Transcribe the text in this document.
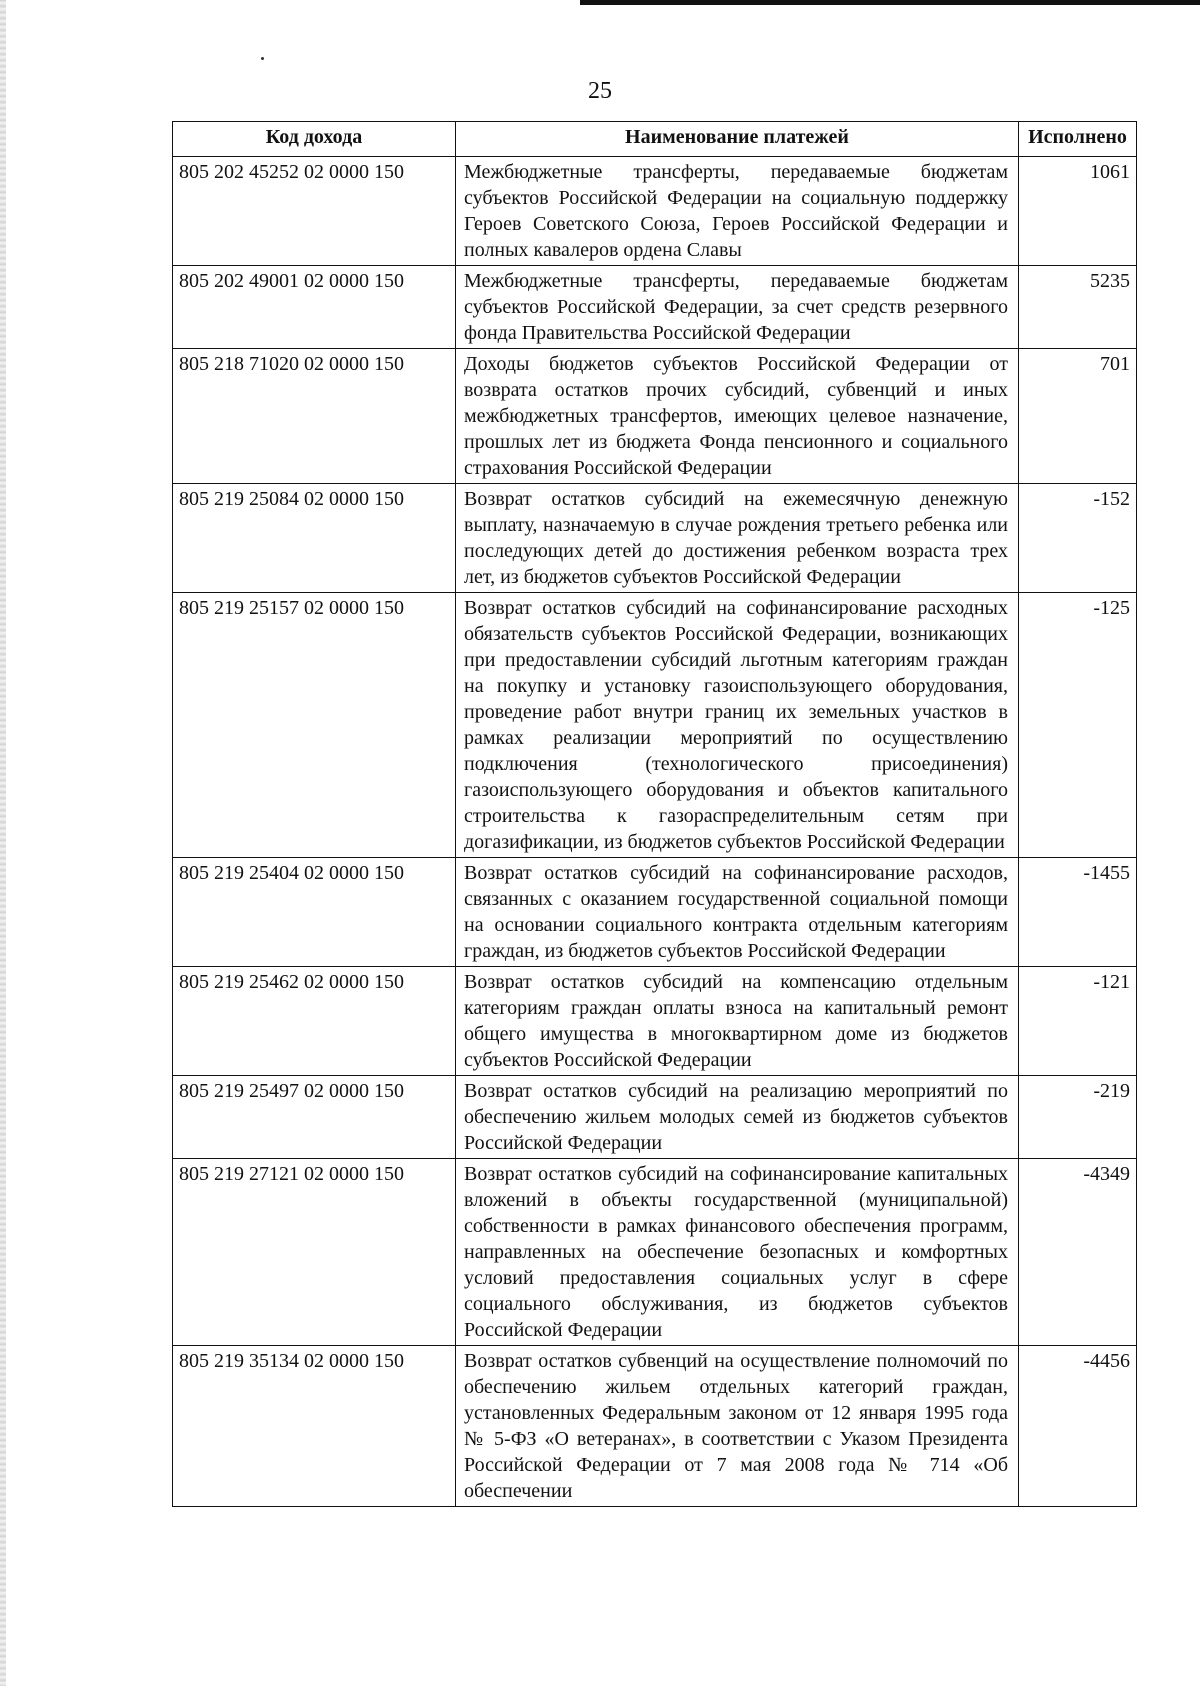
25
Код дохода	Наименование платежей	Исполнено
805 202 45252 02 0000 150	Межбюджетные трансферты, передаваемые бюджетам субъектов Российской Федерации на социальную поддержку Героев Советского Союза, Героев Российской Федерации и полных кавалеров ордена Славы	1061
805 202 49001 02 0000 150	Межбюджетные трансферты, передаваемые бюджетам субъектов Российской Федерации, за счет средств резервного фонда Правительства Российской Федерации	5235
805 218 71020 02 0000 150	Доходы бюджетов субъектов Российской Федерации от возврата остатков прочих субсидий, субвенций и иных межбюджетных трансфертов, имеющих целевое назначение, прошлых лет из бюджета Фонда пенсионного и социального страхования Российской Федерации	701
805 219 25084 02 0000 150	Возврат остатков субсидий на ежемесячную денежную выплату, назначаемую в случае рождения третьего ребенка или последующих детей до достижения ребенком возраста трех лет, из бюджетов субъектов Российской Федерации	-152
805 219 25157 02 0000 150	Возврат остатков субсидий на софинансирование расходных обязательств субъектов Российской Федерации, возникающих при предоставлении субсидий льготным категориям граждан на покупку и установку газоиспользующего оборудования, проведение работ внутри границ их земельных участков в рамках реализации мероприятий по осуществлению подключения (технологического присоединения) газоиспользующего оборудования и объектов капитального строительства к газораспределительным сетям при догазификации, из бюджетов субъектов Российской Федерации	-125
805 219 25404 02 0000 150	Возврат остатков субсидий на софинансирование расходов, связанных с оказанием государственной социальной помощи на основании социального контракта отдельным категориям граждан, из бюджетов субъектов Российской Федерации	-1455
805 219 25462 02 0000 150	Возврат остатков субсидий на компенсацию отдельным категориям граждан оплаты взноса на капитальный ремонт общего имущества в многоквартирном доме из бюджетов субъектов Российской Федерации	-121
805 219 25497 02 0000 150	Возврат остатков субсидий на реализацию мероприятий по обеспечению жильем молодых семей из бюджетов субъектов Российской Федерации	-219
805 219 27121 02 0000 150	Возврат остатков субсидий на софинансирование капитальных вложений в объекты государственной (муниципальной) собственности в рамках финансового обеспечения программ, направленных на обеспечение безопасных и комфортных условий предоставления социальных услуг в сфере социального обслуживания, из бюджетов субъектов Российской Федерации	-4349
805 219 35134 02 0000 150	Возврат остатков субвенций на осуществление полномочий по обеспечению жильем отдельных категорий граждан, установленных Федеральным законом от 12 января 1995 года № 5-ФЗ «О ветеранах», в соответствии с Указом Президента Российской Федерации от 7 мая 2008 года № 714 «Об обеспечении	-4456
